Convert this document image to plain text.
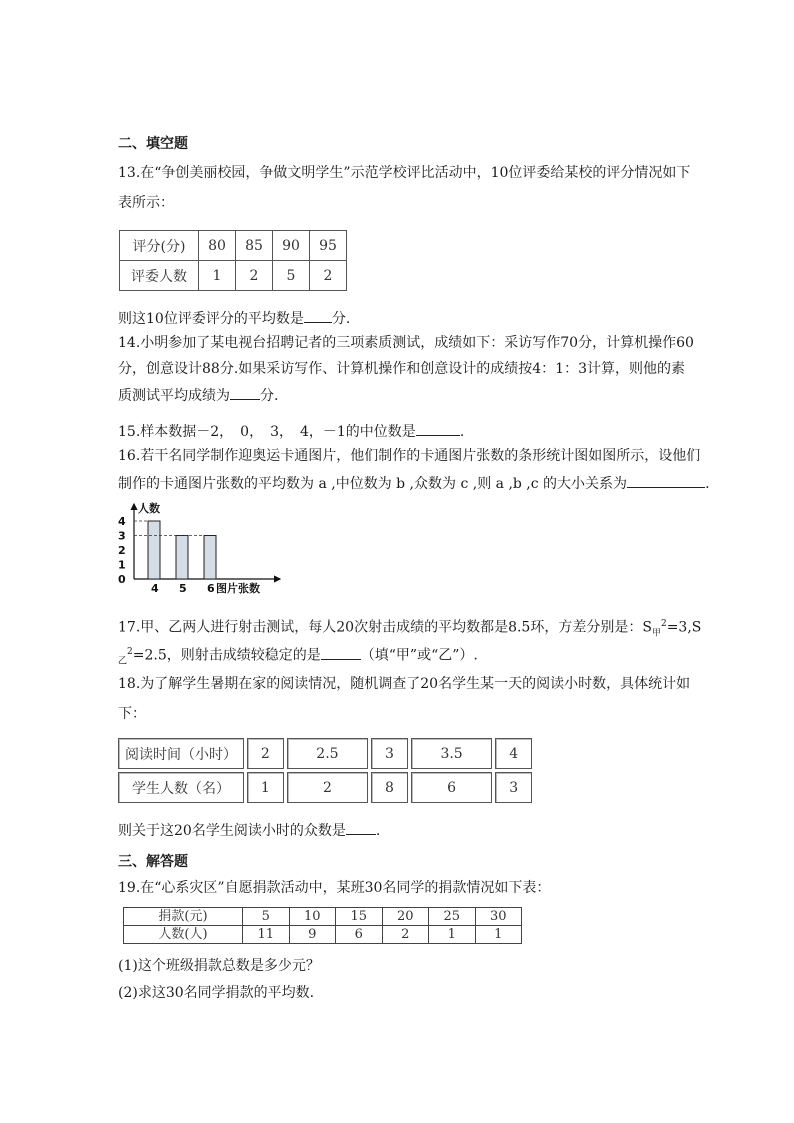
二、填空题
13.在“争创美丽校园，争做文明学生”示范学校评比活动中，10位评委给某校的评分情况如下
表所示：
评分(分)	80	85	90	95
评委人数	1	2	5	2
则这10位评委评分的平均数是 分.
14.小明参加了某电视台招聘记者的三项素质测试，成绩如下：采访写作70分，计算机操作60
分，创意设计88分.如果采访写作、计算机操作和创意设计的成绩按4：1：3计算，则他的素
质测试平均成绩为 分.
15.样本数据－2，　0，　3，　4，－1的中位数是	.
16.若干名同学制作迎奥运卡通图片，他们制作的卡通图片张数的条形统计图如图所示，设他们
制作的卡通图片张数的平均数为 a ,中位数为 b ,众数为 c ,则 a ,b ,c 的大小关系为	.
0
1
2
3
4
4 5 6
人数
图片张数
17.甲、乙两人进行射击测试，每人20次射击成绩的平均数都是8.5环，方差分别是：$S_甲^2=3,S$
$_乙^2$=2.5，则射击成绩较稳定的是	（填“甲”或“乙”）.
18.为了解学生暑期在家的阅读情况，随机调查了20名学生某一天的阅读小时数，具体统计如
下：
阅读时间（小时）	2	2.5	3	3.5	4
学生人数（名）	1	2	8	6	3
则关于这20名学生阅读小时的众数是 .
三、解答题
19.在“心系灾区”自愿捐款活动中，某班30名同学的捐款情况如下表：
捐款(元)	5	10	15	20	25	30
人数(人)	11	9	6	2	1	1
(1)这个班级捐款总数是多少元？
(2)求这30名同学捐款的平均数.
